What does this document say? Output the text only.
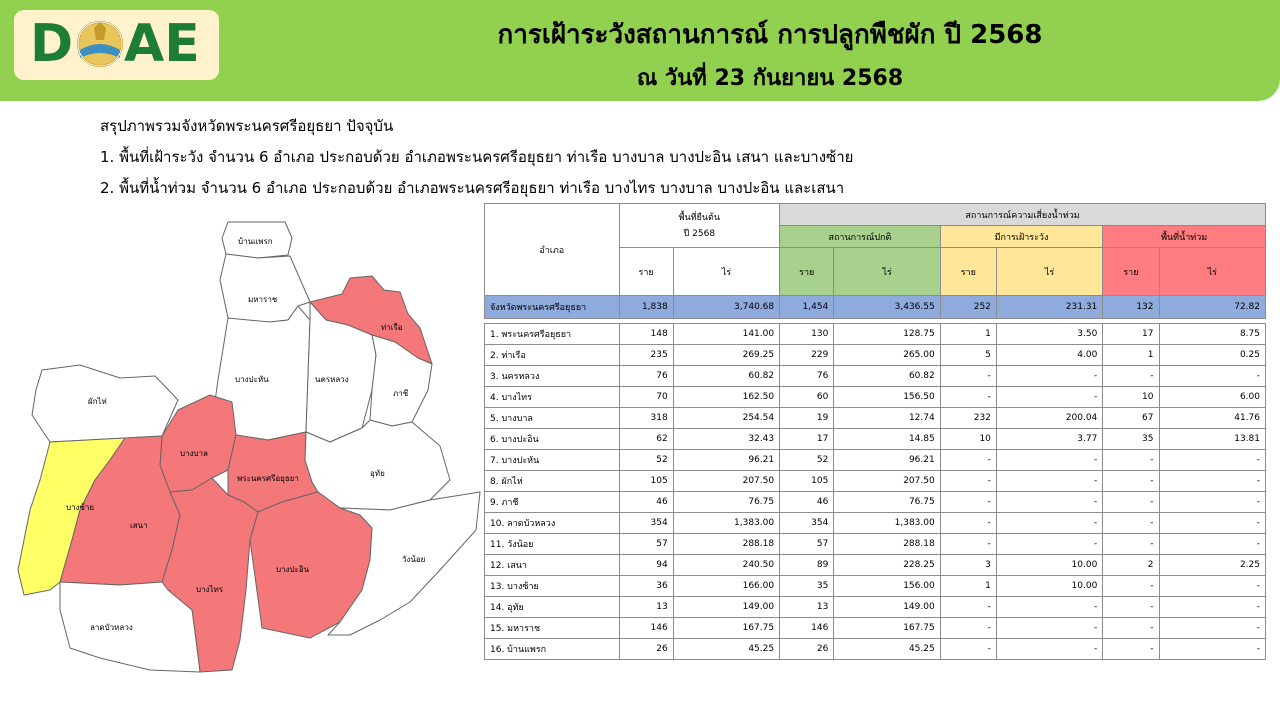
D AE	การเฝ้าระวังสถานการณ์ การปลูกพืชผัก ปี 2568
ณ วันที่ 23 กันยายน 2568
สรุปภาพรวมจังหวัดพระนครศรีอยุธยา ปัจจุบัน
1. พื้นที่เฝ้าระวัง จำนวน 6 อำเภอ ประกอบด้วย อำเภอพระนครศรีอยุธยา ท่าเรือ บางบาล บางปะอิน เสนา และบางซ้าย
2. พื้นที่น้ำท่วม จำนวน 6 อำเภอ ประกอบด้วย อำเภอพระนครศรีอยุธยา ท่าเรือ บางไทร บางบาล บางปะอิน และเสนา
บ้านแพรก
มหาราช
ท่าเรือ
บางปะหัน	นครหลวง
ภาชี
ผักไห่
บางบาล
พระนครศรีอยุธยา
อุทัย
บางซ้าย
เสนา
บางปะอิน
วังน้อย
บางไทร
ลาดบัวหลวง
อำเภอ	พื้นที่ยืนต้น
ปี 2568		สถานการณ์ความเสี่ยงน้ำท่วม					
			สถานการณ์ปกติ		มีการเฝ้าระวัง		พื้นที่น้ำท่วม	
	ราย	ไร่	ราย	ไร่	ราย	ไร่	ราย	ไร่
จังหวัดพระนครศรีอยุธยา	1,838	3,740.68	1,454	3,436.55	252	231.31	132	72.82

1. พระนครศรีอยุธยา	148	141.00	130	128.75	1	3.50	17	8.75
2. ท่าเรือ	235	269.25	229	265.00	5	4.00	1	0.25
3. นครหลวง	76	60.82	76	60.82	-	-	-	-
4. บางไทร	70	162.50	60	156.50	-	-	10	6.00
5. บางบาล	318	254.54	19	12.74	232	200.04	67	41.76
6. บางปะอิน	62	32.43	17	14.85	10	3.77	35	13.81
7. บางปะหัน	52	96.21	52	96.21	-	-	-	-
8. ผักไห่	105	207.50	105	207.50	-	-	-	-
9. ภาชี	46	76.75	46	76.75	-	-	-	-
10. ลาดบัวหลวง	354	1,383.00	354	1,383.00	-	-	-	-
11. วังน้อย	57	288.18	57	288.18	-	-	-	-
12. เสนา	94	240.50	89	228.25	3	10.00	2	2.25
13. บางซ้าย	36	166.00	35	156.00	1	10.00	-	-
14. อุทัย	13	149.00	13	149.00	-	-	-	-
15. มหาราช	146	167.75	146	167.75	-	-	-	-
16. บ้านแพรก	26	45.25	26	45.25	-	-	-	-
